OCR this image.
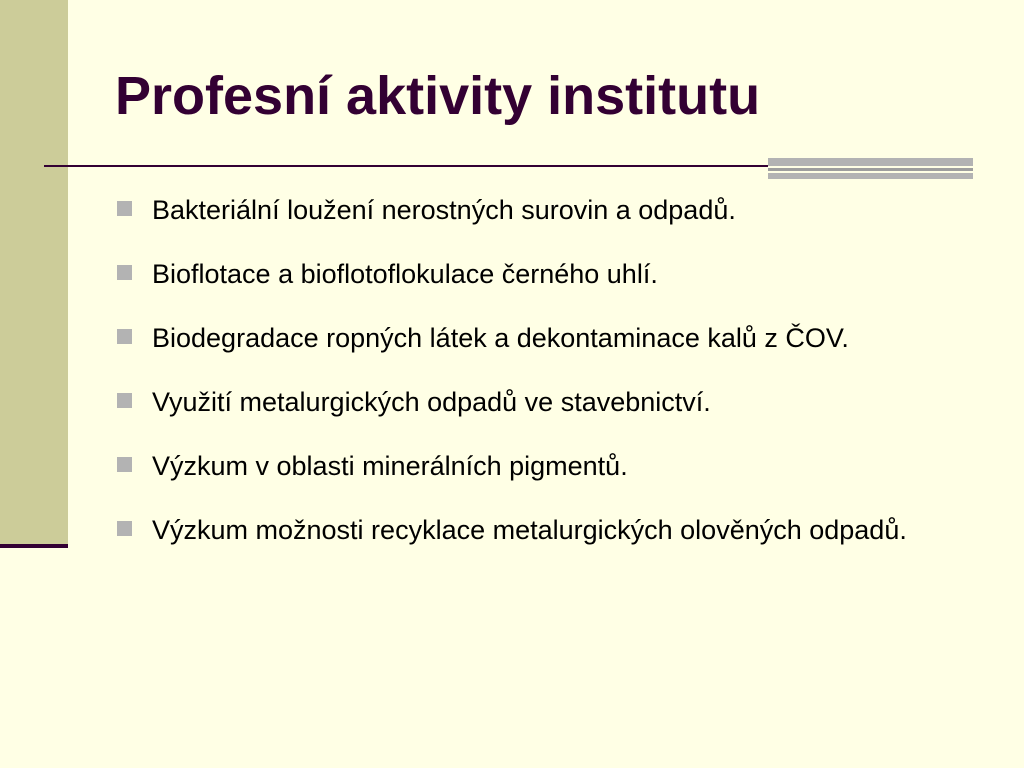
Profesní aktivity institutu
Bakteriální loužení nerostných surovin a odpadů.
Bioflotace a bioflotoflokulace černého uhlí.
Biodegradace ropných látek a dekontaminace kalů z ČOV.
Využití metalurgických odpadů ve stavebnictví.
Výzkum v oblasti minerálních pigmentů.
Výzkum možnosti recyklace metalurgických olověných odpadů.
